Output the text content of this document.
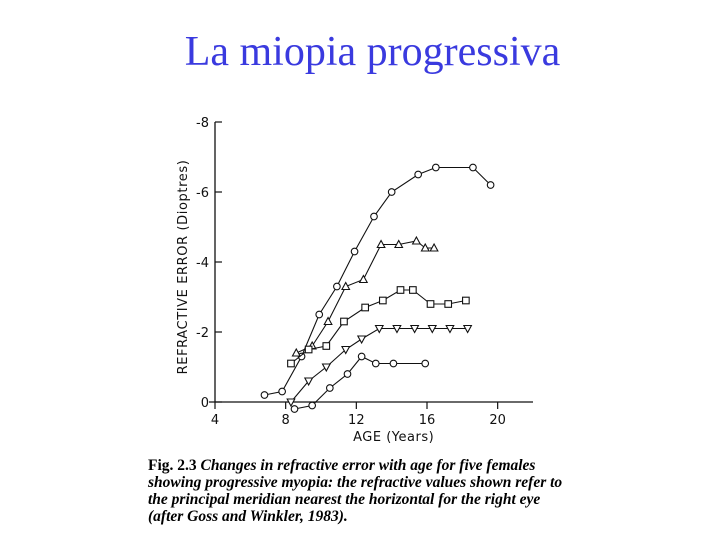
La miopia progressiva
0
-2
-4
-6
-8
4	8	12	16	20
AGE (Years)
REFRACTIVE ERROR (Dioptres)
Fig. 2.3 Changes in refractive error with age for five females showing progressive myopia: the refractive values shown refer to the principal meridian nearest the horizontal for the right eye (after Goss and Winkler, 1983).
